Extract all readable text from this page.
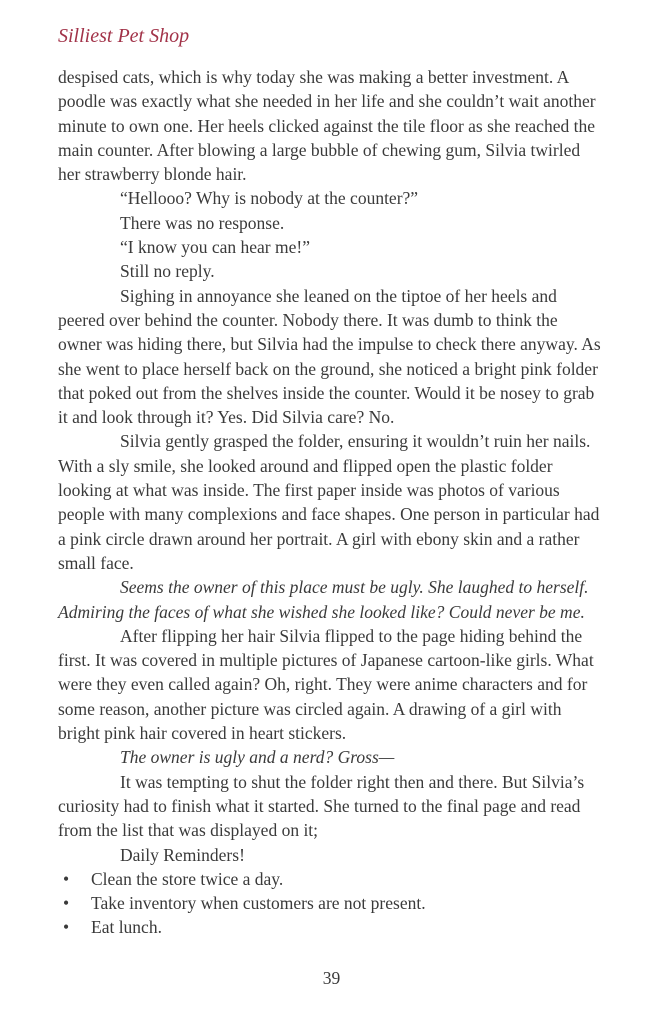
Silliest Pet Shop

despised cats, which is why today she was making a better investment. A poodle was exactly what she needed in her life and she couldn’t wait another minute to own one. Her heels clicked against the tile floor as she reached the main counter. After blowing a large bubble of chewing gum, Silvia twirled her strawberry blonde hair.

“Hellooo? Why is nobody at the counter?”

There was no response.

“I know you can hear me!”

Still no reply.

Sighing in annoyance she leaned on the tiptoe of her heels and peered over behind the counter. Nobody there. It was dumb to think the owner was hiding there, but Silvia had the impulse to check there anyway. As she went to place herself back on the ground, she noticed a bright pink folder that poked out from the shelves inside the counter. Would it be nosey to grab it and look through it? Yes. Did Silvia care? No.

Silvia gently grasped the folder, ensuring it wouldn’t ruin her nails. With a sly smile, she looked around and flipped open the plastic folder looking at what was inside. The first paper inside was photos of various people with many complexions and face shapes. One person in particular had a pink circle drawn around her portrait. A girl with ebony skin and a rather small face.

Seems the owner of this place must be ugly. She laughed to herself. Admiring the faces of what she wished she looked like? Could never be me.

After flipping her hair Silvia flipped to the page hiding behind the first. It was covered in multiple pictures of Japanese cartoon-like girls. What were they even called again? Oh, right. They were anime characters and for some reason, another picture was circled again. A drawing of a girl with bright pink hair covered in heart stickers.

The owner is ugly and a nerd? Gross—

It was tempting to shut the folder right then and there. But Silvia’s curiosity had to finish what it started. She turned to the final page and read from the list that was displayed on it;

Daily Reminders!

• Clean the store twice a day.
• Take inventory when customers are not present.
• Eat lunch.
39
